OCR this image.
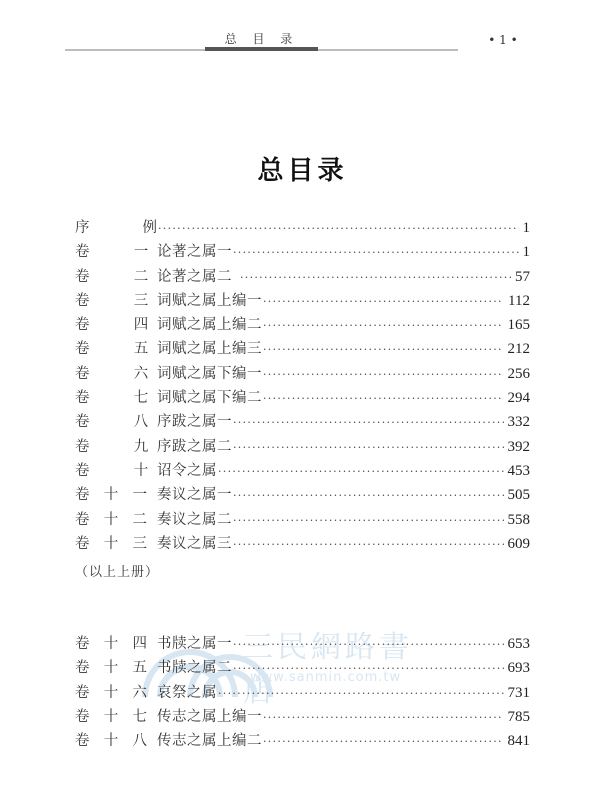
总 目 录	• 1 •
总目录
序	例 ·····	1
卷	一 论著之属一 ·····	1
卷	二 论著之属二 ·····	57
卷	三 词赋之属上编一 ·····	112
卷	四 词赋之属上编二 ·····	165
卷	五 词赋之属上编三 ·····	212
卷	六 词赋之属下编一 ·····	256
卷	七 词赋之属下编二 ·····	294
卷	八 序跋之属一 ·····	332
卷	九 序跋之属二 ·····	392
卷	十 诏令之属 ·····	453
卷 十 一 奏议之属一 ·····	505
卷 十 二 奏议之属二 ·····	558
卷 十 三 奏议之属三 ·····	609
（以上上册）
三民網路書店
www.sanmin.com.tw
卷 十 四 书牍之属一 ·····	653
卷 十 五 书牍之属二 ·····	693
卷 十 六 哀祭之属 ·····	731
卷 十 七 传志之属上编一 ·····	785
卷 十 八 传志之属上编二 ·····	841
